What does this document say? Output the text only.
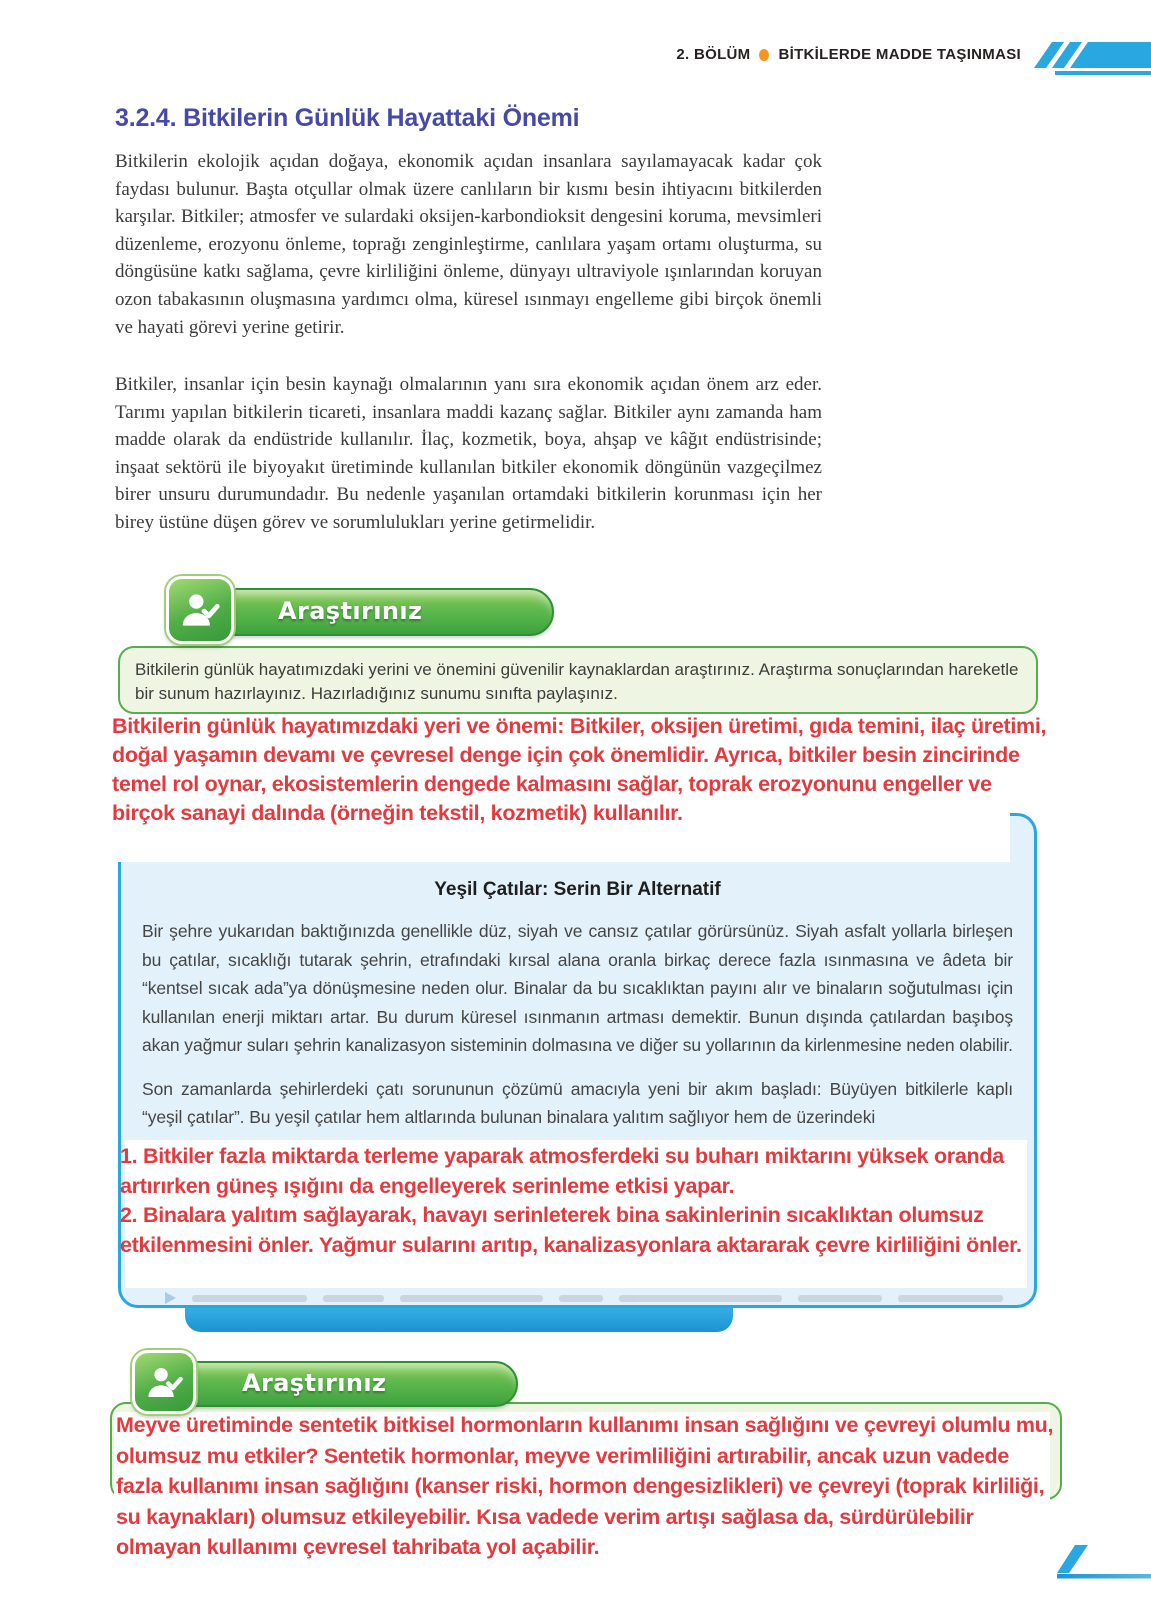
2. BÖLÜM BİTKİLERDE MADDE TAŞINMASI
3.2.4. Bitkilerin Günlük Hayattaki Önemi

Bitkilerin ekolojik açıdan doğaya, ekonomik açıdan insanlara sayılamayacak kadar çok faydası bulunur. Başta otçullar olmak üzere canlıların bir kısmı besin ihtiyacını bitkilerden karşılar. Bitkiler; atmosfer ve sulardaki oksijen-karbondioksit dengesini koruma, mevsimleri düzenleme, erozyonu önleme, toprağı zenginleştirme, canlılara yaşam ortamı oluşturma, su döngüsüne katkı sağlama, çevre kirliliğini önleme, dünyayı ultraviyole ışınlarından koruyan ozon tabakasının oluşmasına yardımcı olma, küresel ısınmayı engelleme gibi birçok önemli ve hayati görevi yerine getirir.

Bitkiler, insanlar için besin kaynağı olmalarının yanı sıra ekonomik açıdan önem arz eder. Tarımı yapılan bitkilerin ticareti, insanlara maddi kazanç sağlar. Bitkiler aynı zamanda ham madde olarak da endüstride kullanılır. İlaç, kozmetik, boya, ahşap ve kâğıt endüstrisinde; inşaat sektörü ile biyoyakıt üretiminde kullanılan bitkiler ekonomik döngünün vazgeçilmez birer unsuru durumundadır. Bu nedenle yaşanılan ortamdaki bitkilerin korunması için her birey üstüne düşen görev ve sorumlulukları yerine getirmelidir.

Araştırınız

Bitkilerin günlük hayatımızdaki yerini ve önemini güvenilir kaynaklardan araştırınız. Araştırma sonuçlarından hareketle bir sunum hazırlayınız. Hazırladığınız sunumu sınıfta paylaşınız.

Bitkilerin günlük hayatımızdaki yeri ve önemi: Bitkiler, oksijen üretimi, gıda temini, ilaç üretimi, doğal yaşamın devamı ve çevresel denge için çok önemlidir. Ayrıca, bitkiler besin zincirinde temel rol oynar, ekosistemlerin dengede kalmasını sağlar, toprak erozyonunu engeller ve birçok sanayi dalında (örneğin tekstil, kozmetik) kullanılır.
Yeşil Çatılar: Serin Bir Alternatif

Bir şehre yukarıdan baktığınızda genellikle düz, siyah ve cansız çatılar görürsünüz. Siyah asfalt yollarla birleşen bu çatılar, sıcaklığı tutarak şehrin, etrafındaki kırsal alana oranla birkaç derece fazla ısınmasına ve âdeta bir “kentsel sıcak ada”ya dönüşmesine neden olur. Binalar da bu sıcaklıktan payını alır ve binaların soğutulması için kullanılan enerji miktarı artar. Bu durum küresel ısınmanın artması demektir. Bunun dışında çatılardan başıboş akan yağmur suları şehrin kanalizasyon sisteminin dolmasına ve diğer su yollarının da kirlenmesine neden olabilir.

Son zamanlarda şehirlerdeki çatı sorununun çözümü amacıyla yeni bir akım başladı: Büyüyen bitkilerle kaplı “yeşil çatılar”. Bu yeşil çatılar hem altlarında bulunan binalara yalıtım sağlıyor hem de üzerindeki

1. Bitkiler fazla miktarda terleme yaparak atmosferdeki su buharı miktarını yüksek oranda artırırken güneş ışığını da engelleyerek serinleme etkisi yapar.
2. Binalara yalıtım sağlayarak, havayı serinleterek bina sakinlerinin sıcaklıktan olumsuz etkilenmesini önler. Yağmur sularını arıtıp, kanalizasyonlara aktararak çevre kirliliğini önler.
Araştırınız
Meyve üretiminde sentetik bitkisel hormonların kullanımı insan sağlığını ve çevreyi olumlu mu, olumsuz mu etkiler? Sentetik hormonlar, meyve verimliliğini artırabilir, ancak uzun vadede fazla kullanımı insan sağlığını (kanser riski, hormon dengesizlikleri) ve çevreyi (toprak kirliliği, su kaynakları) olumsuz etkileyebilir. Kısa vadede verim artışı sağlasa da, sürdürülebilir olmayan kullanımı çevresel tahribata yol açabilir.
